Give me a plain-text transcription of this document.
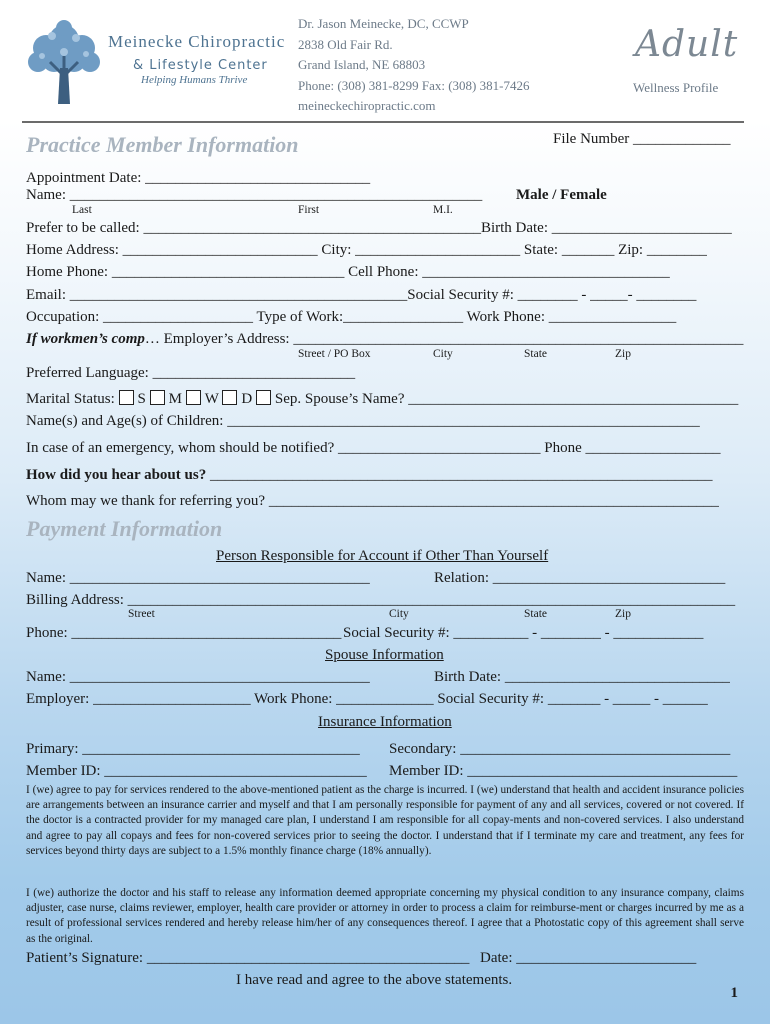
Meinecke Chiropractic
& Lifestyle Center
Helping Humans Thrive
Dr. Jason Meinecke, DC, CCWP
2838 Old Fair Rd.
Grand Island, NE 68803
Phone: (308) 381-8299 Fax: (308) 381-7426
meineckechiropractic.com
Adult
Wellness Profile
Practice Member Information	File Number _____________
Appointment Date: ______________________________
Name: _______________________________________________________ Male / Female
Last	First	M.I.
Prefer to be called: _____________________________________________Birth Date: ________________________
Home Address: __________________________ City: ______________________ State: _______ Zip: ________
Home Phone: _______________________________ Cell Phone: _________________________________
Email: _____________________________________________Social Security #: ________ - _____- ________
Occupation: ____________________ Type of Work:________________ Work Phone: _________________
If workmen’s comp… Employer’s Address: ____________________________________________________________
Street / PO Box	City	State	Zip
Preferred Language: ___________________________
Marital Status: S M W D Sep. Spouse’s Name? ____________________________________________
Name(s) and Age(s) of Children: _______________________________________________________________
In case of an emergency, whom should be notified? ___________________________ Phone __________________
How did you hear about us? ___________________________________________________________________
Whom may we thank for referring you? ____________________________________________________________
Payment Information
Person Responsible for Account if Other Than Yourself
Name: ________________________________________	Relation: _______________________________
Billing Address: _________________________________________________________________________________
Street	City	State	Zip
Phone: ____________________________________ Social Security #: __________ - ________ - ____________
Spouse Information
Name: ________________________________________	Birth Date: ______________________________
Employer: _____________________ Work Phone: _____________ Social Security #: _______ - _____ - ______
Insurance Information
Primary: _____________________________________ Secondary: ____________________________________
Member ID: ___________________________________ Member ID: ____________________________________
I (we) agree to pay for services rendered to the above-mentioned patient as the charge is incurred. I (we) understand that health and accident insurance policies are arrangements between an insurance carrier and myself and that I am personally responsible for payment of any and all services, covered or not covered. If the doctor is a contracted provider for my managed care plan, I understand I am responsible for all copay-ments and non-covered services. I also understand and agree to pay all copays and fees for non-covered services prior to seeing the doctor. I understand that if I terminate my care and treatment, any fees for services beyond thirty days are subject to a 1.5% monthly finance charge (18% annually).
I (we) authorize the doctor and his staff to release any information deemed appropriate concerning my physical condition to any insurance company, claims adjuster, case nurse, claims reviewer, employer, health care provider or attorney in order to process a claim for reimburse-ment or charges incurred by me as a result of professional services rendered and hereby release him/her of any consequences thereof. I agree that a Photostatic copy of this agreement shall serve as the original.
Patient’s Signature: ___________________________________________ Date: ________________________
I have read and agree to the above statements.
1
